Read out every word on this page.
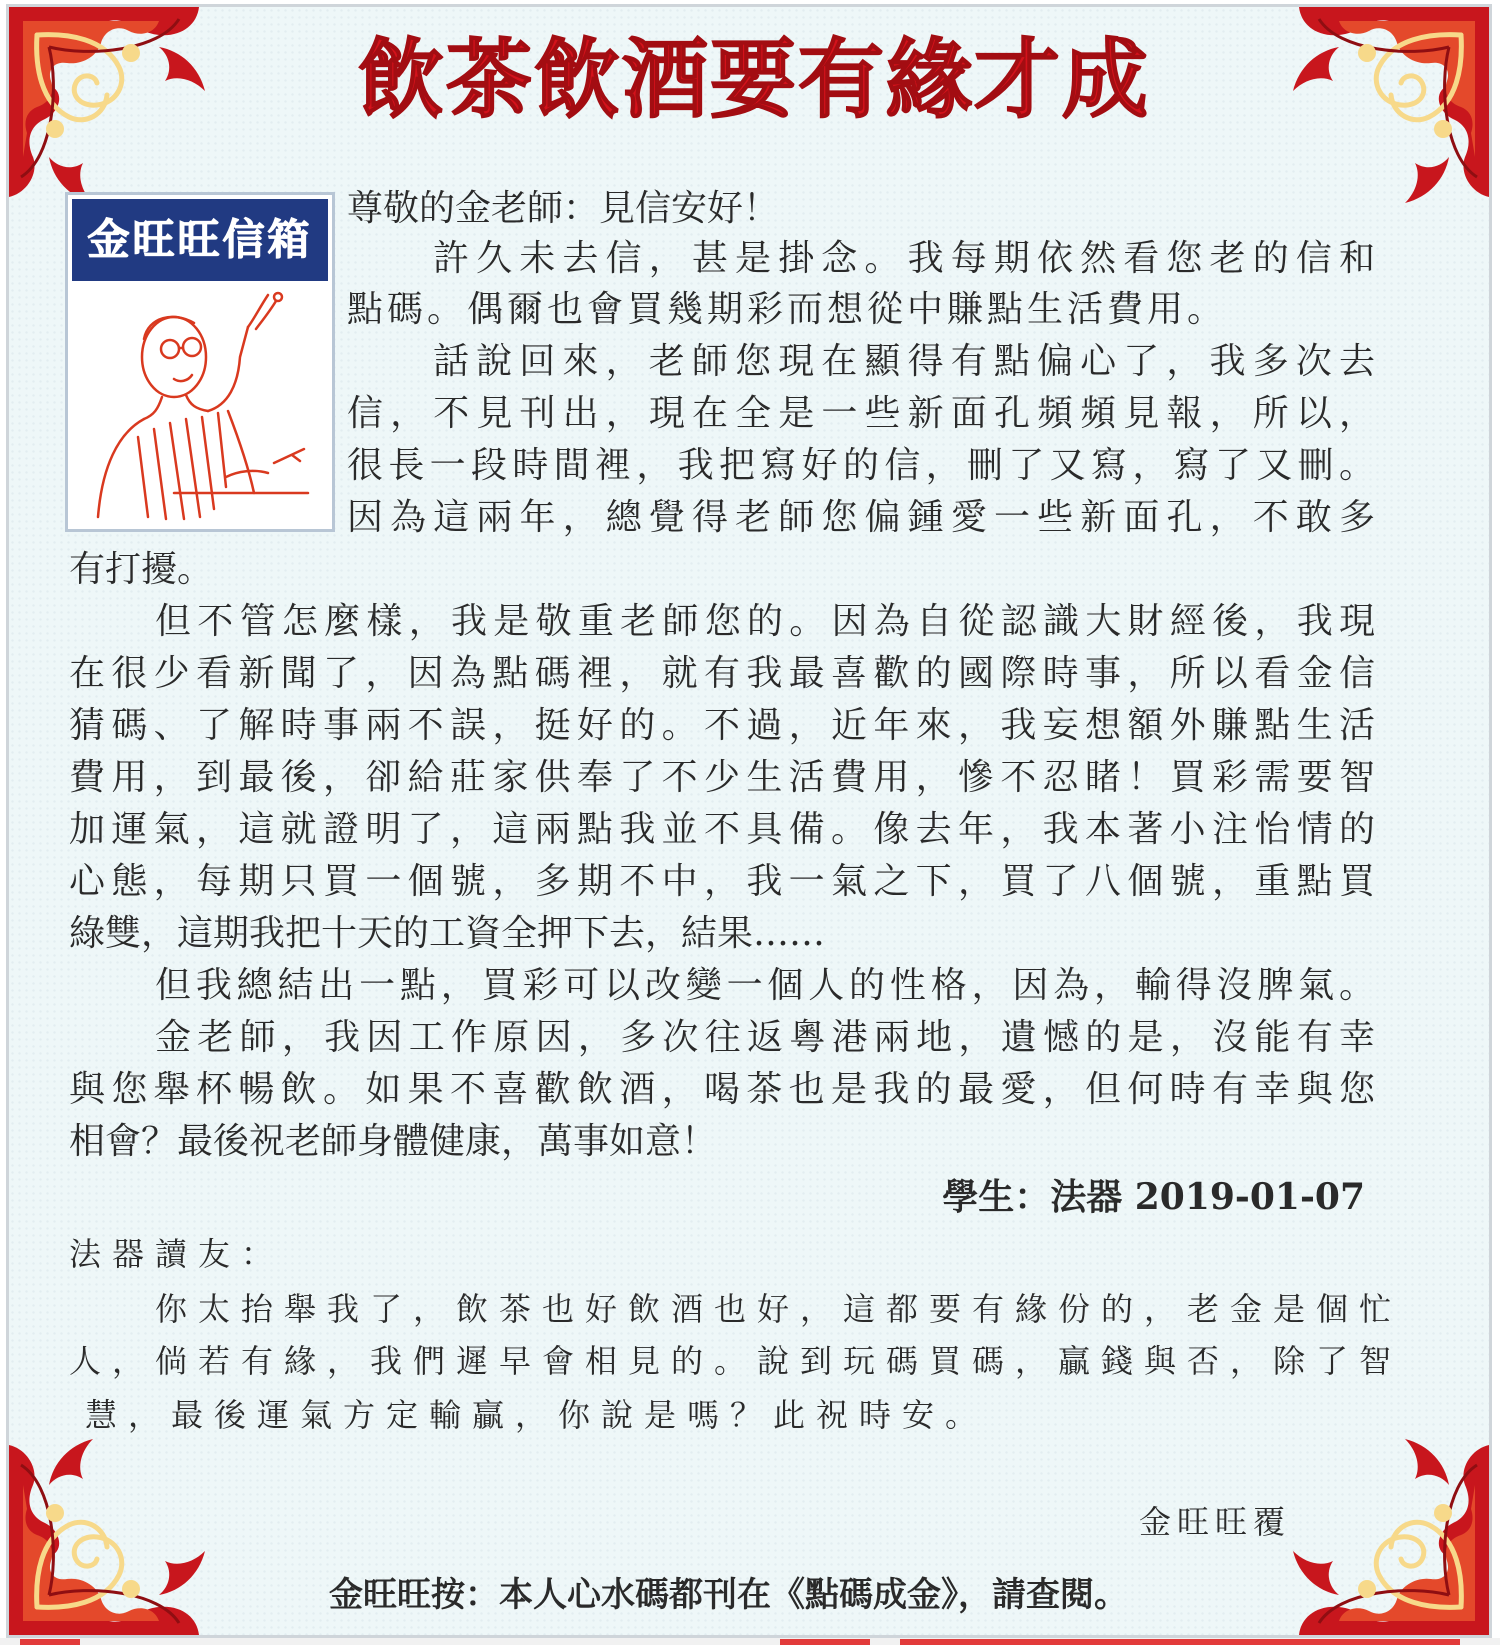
飲茶飲酒要有緣才成
金旺旺信箱

尊敬的金老師：見信安好！

許久未去信，甚是掛念。我每期依然看您老的信和

點碼。偶爾也會買幾期彩而想從中賺點生活費用。

話說回來，老師您現在顯得有點偏心了，我多次去

信，不見刊出，現在全是一些新面孔頻頻見報，所以，

很長一段時間裡，我把寫好的信，刪了又寫，寫了又刪。

因為這兩年，總覺得老師您偏鍾愛一些新面孔，不敢多

有打擾。

但不管怎麼樣，我是敬重老師您的。因為自從認識大財經後，我現

在很少看新聞了，因為點碼裡，就有我最喜歡的國際時事，所以看金信

猜碼、了解時事兩不誤，挺好的。不過，近年來，我妄想額外賺點生活

費用，到最後，卻給莊家供奉了不少生活費用，慘不忍睹！買彩需要智

加運氣，這就證明了，這兩點我並不具備。像去年，我本著小注怡情的

心態，每期只買一個號，多期不中，我一氣之下，買了八個號，重點買

綠雙，這期我把十天的工資全押下去，結果……

但我總結出一點，買彩可以改變一個人的性格，因為，輸得沒脾氣。

金老師，我因工作原因，多次往返粵港兩地，遺憾的是，沒能有幸

與您舉杯暢飲。如果不喜歡飲酒，喝茶也是我的最愛，但何時有幸與您

相會？最後祝老師身體健康，萬事如意！

學生：法器 2019-01-07

法器讀友：

你太抬舉我了，飲茶也好飲酒也好，這都要有緣份的，老金是個忙

人，倘若有緣，我們遲早會相見的。說到玩碼買碼，贏錢與否，除了智

慧，最後運氣方定輸贏，你說是嗎？此祝時安。

金旺旺覆

金旺旺按：本人心水碼都刊在《點碼成金》，請查閱。
